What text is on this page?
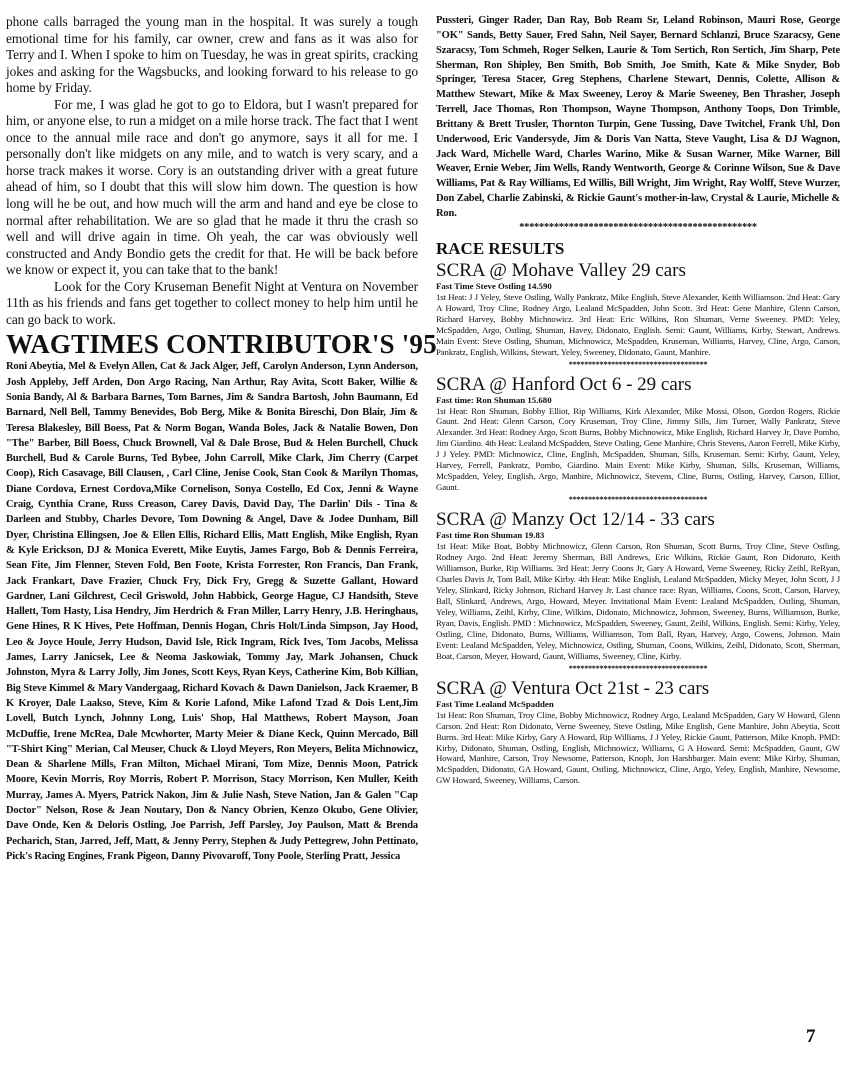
phone calls barraged the young man in the hospital. It was surely a tough emotional time for his family, car owner, crew and fans as it was also for Terry and I. When I spoke to him on Tuesday, he was in great spirits, cracking jokes and asking for the Wagsbucks, and looking forward to his release to go home by Friday.

For me, I was glad he got to go to Eldora, but I wasn't prepared for him, or anyone else, to run a midget on a mile horse track. The fact that I went once to the annual mile race and don't go anymore, says it all for me. I personally don't like midgets on any mile, and to watch is very scary, and a horse track makes it worse. Cory is an outstanding driver with a great future ahead of him, so I doubt that this will slow him down. The question is how long will he be out, and how much will the arm and hand and eye be close to normal after rehabilitation. We are so glad that he made it thru the crash so well and will drive again in time. Oh yeah, the car was obviously well constructed and Andy Bondio gets the credit for that. He will be back before we know or expect it, you can take that to the bank!

Look for the Cory Kruseman Benefit Night at Ventura on November 11th as his friends and fans get together to collect money to help him until he can go back to work.

WAGTIMES CONTRIBUTOR'S '95

Roni Abeytia, Mel & Evelyn Allen, Cat & Jack Alger, Jeff, Carolyn Anderson, Lynn Anderson, Josh Appleby, Jeff Arden, Don Argo Racing, Nan Arthur, Ray Avita, Scott Baker, Willie & Sonia Bandy, Al & Barbara Barnes, Tom Barnes, Jim & Sandra Bartosh, John Baumann, Ed Barnard, Nell Bell, Tammy Benevides, Bob Berg, Mike & Bonita Bireschi, Don Blair, Jim & Teresa Blakesley, Bill Boess, Pat & Norm Bogan, Wanda Boles, Jack & Natalie Bowen, Don "The" Barber, Bill Boess, Chuck Brownell, Val & Dale Brose, Bud & Helen Burchell, Chuck Burchell, Bud & Carole Burns, Ted Bybee, John Carroll, Mike Clark, Jim Cherry (Carpet Coop), Rich Casavage, Bill Clausen, , Carl Cline, Jenise Cook, Stan Cook & Marilyn Thomas, Diane Cordova, Ernest Cordova,Mike Cornelison, Sonya Costello, Ed Cox, Jenni & Wayne Craig, Cynthia Crane, Russ Creason, Carey Davis, David Day, The Darlin' Dils - Tina & Darleen and Stubby, Charles Devore, Tom Downing & Angel, Dave & Jodee Dunham, Bill Dyer, Christina Ellingsen, Joe & Ellen Ellis, Richard Ellis, Matt English, Mike English, Ryan & Kyle Erickson, DJ & Monica Everett, Mike Euytis, James Fargo, Bob & Dennis Ferreira, Sean Fite, Jim Flenner, Steven Fold, Ben Foote, Krista Forrester, Ron Francis, Dan Frank, Jack Frankart, Dave Frazier, Chuck Fry, Dick Fry, Gregg & Suzette Gallant, Howard Gardner, Lani Gilchrest, Cecil Griswold, John Habbick, George Hague, CJ Handsith, Steve Hallett, Tom Hasty, Lisa Hendry, Jim Herdrich & Fran Miller, Larry Henry, J.B. Heringhaus, Gene Hines, R K Hives, Pete Hoffman, Dennis Hogan, Chris Holt/Linda Simpson, Jay Hood, Leo & Joyce Houle, Jerry Hudson, David Isle, Rick Ingram, Rick Ives, Tom Jacobs, Melissa James, Larry Janicsek, Lee & Neoma Jaskowiak, Tommy Jay, Mark Johansen, Chuck Johnston, Myra & Larry Jolly, Jim Jones, Scott Keys, Ryan Keys, Catherine Kim, Bob Killian, Big Steve Kimmel & Mary Vandergaag, Richard Kovach & Dawn Danielson, Jack Kraemer, B K Kroyer, Dale Laakso, Steve, Kim & Korie Lafond, Mike Lafond Tzad & Dois Lent,Jim Lovell, Butch Lynch, Johnny Long, Luis' Shop, Hal Matthews, Robert Mayson, Joan McDuffie, Irene McRea, Dale Mcwhorter, Marty Meier & Diane Keck, Quinn Mercado, Bill "T-Shirt King" Merian, Cal Meuser, Chuck & Lloyd Meyers, Ron Meyers, Belita Michnowicz, Dean & Sharlene Mills, Fran Milton, Michael Mirani, Tom Mize, Dennis Moon, Patrick Moore, Kevin Morris, Roy Morris, Robert P. Morrison, Stacy Morrison, Ken Muller, Keith Murray, James A. Myers, Patrick Nakon, Jim & Julie Nash, Steve Nation, Jan & Galen "Cap Doctor" Nelson, Rose & Jean Noutary, Don & Nancy Obrien, Kenzo Okubo, Gene Olivier, Dave Onde, Ken & Deloris Ostling, Joe Parrish, Jeff Parsley, Joy Paulson, Matt & Brenda Pecharich, Stan, Jarred, Jeff, Matt, & Jenny Perry, Stephen & Judy Pettegrew, John Pettinato, Pick's Racing Engines, Frank Pigeon, Danny Pivovaroff, Tony Poole, Sterling Pratt, Jessica

Pussteri, Ginger Rader, Dan Ray, Bob Ream Sr, Leland Robinson, Mauri Rose, George "OK" Sands, Betty Sauer, Fred Sahn, Neil Sayer, Bernard Schlanzi, Bruce Szaracsy, Gene Szaracsy, Tom Schmeh, Roger Selken, Laurie & Tom Sertich, Ron Sertich, Jim Sharp, Pete Sherman, Ron Shipley, Ben Smith, Bob Smith, Joe Smith, Kate & Mike Snyder, Bob Springer, Teresa Stacer, Greg Stephens, Charlene Stewart, Dennis, Colette, Allison & Matthew Stewart, Mike & Max Sweeney, Leroy & Marie Sweeney, Ben Thrasher, Joseph Terrell, Jace Thomas, Ron Thompson, Wayne Thompson, Anthony Toops, Don Trimble, Brittany & Brett Trusler, Thornton Turpin, Gene Tussing, Dave Twitchel, Frank Uhl, Don Underwood, Eric Vandersyde, Jim & Doris Van Natta, Steve Vaught, Lisa & DJ Wagnon, Jack Ward, Michelle Ward, Charles Warino, Mike & Susan Warner, Mike Warner, Bill Weaver, Ernie Weber, Jim Wells, Randy Wentworth, George & Corinne Wilson, Sue & Dave Williams, Pat & Ray Williams, Ed Willis, Bill Wright, Jim Wright, Ray Wolff, Steve Wurzer, Don Zabel, Charlie Zabinski, & Rickie Gaunt's mother-in-law, Crystal & Laurie, Michelle & Ron.

************************************************
RACE RESULTS
SCRA @ Mohave Valley 29 cars
Fast Time Steve Ostling 14.590

1st Heat: J J Yeley, Steve Ostling, Wally Pankratz, Mike English, Steve Alexander, Keith Williamson. 2nd Heat: Gary A Howard, Troy Cline, Rodney Argo, Lealand McSpadden, John Scott. 3rd Heat: Gene Manhire, Glenn Carson, Richard Harvey, Bobby Michnowicz. 3rd Heat: Eric Wilkins, Ron Shuman, Verne Sweeney. PMD: Yeley, McSpadden, Argo, Ostling, Shuman, Havey, Didonato, English. Semi: Gaunt, Williams, Kirby, Stewart, Andrews. Main Event: Steve Ostling, Shuman, Michnowicz, McSpadden, Kruseman, Williams, Harvey, Cline, Argo, Carson, Pankratz, English, Wilkins, Stewart, Yeley, Sweeney, Didonato, Gaunt, Manhire.

************************************
SCRA @ Hanford Oct 6 - 29 cars
Fast time: Ron Shuman 15.680

1st Heat: Ron Shuman, Bobby Elliot, Rip Williams, Kirk Alexander, Mike Mossi, Olson, Gordon Rogers, Rickie Gaunt. 2nd Heat: Glenn Carson, Cory Kruseman, Troy Cline, Jimmy Sills, Jim Turner, Wally Pankratz, Steve Alexander. 3rd Heat: Rodney Argo, Scott Burns, Bobby Michnowicz, Mike English, Richard Harvey Jr, Dave Pombo, Jim Giardino. 4th Heat: Lealand McSpadden, Steve Ostling, Gene Manhire, Chris Stevens, Aaron Ferrell, Mike Kirby, J J Yeley. PMD: Michnowicz, Cline, English, McSpadden, Shuman, Sills, Kruseman. Semi: Kirby, Gaunt, Yeley, Harvey, Ferrell, Pankratz, Pombo, Giardino. Main Event: Mike Kirby, Shuman, Sills, Kruseman, Williams, McSpadden, Yeley, English, Argo, Manhire, Michnowicz, Stevens, Cline, Burns, Ostling, Harvey, Carson, Elliot, Gaunt.

************************************
SCRA @ Manzy Oct 12/14 - 33 cars
Fast time Ron Shuman 19.83

1st Heat: Mike Boat, Bobby Michnowicz, Glenn Carson, Ron Shuman, Scott Burns, Troy Cline, Steve Ostling, Rodney Argo. 2nd Heat: Jeremy Sherman, Bill Andrews, Eric Wilkins, Rickie Gaunt, Ron Didonato, Keith Williamson, Burke, Rip Williams. 3rd Heat: Jerry Coons Jr, Gary A Howard, Verne Sweeney, Ricky Zeihl, ReRyan, Charles Davis Jr, Tom Ball, Mike Kirby. 4th Heat: Mike English, Lealand McSpadden, Micky Meyer, John Scott, J J Yeley, Slinkard, Ricky Johnson, Richard Harvey Jr. Last chance race: Ryan, Williams, Coons, Scott, Carson, Harvey, Ball, Slinkard, Andrews, Argo, Howard, Meyer. Invitational Main Event: Lealand McSpadden, Ostling, Shuman, Yeley, Williams, Zeihl, Kirby, Cline, Wilkins, Didonato, Michnowicz, Johnson, Sweeney, Burns, Williamson, Burke, Ryan, Davis, English. PMD : Michnowicz, McSpadden, Sweeney, Gaunt, Zeihl, Wilkins, English. Semi: Kirby, Yeley, Ostling, Cline, Didonato, Burns, Williams, Williamson, Tom Ball, Ryan, Harvey, Argo, Cowens, Johnson. Main Event: Lealand McSpadden, Yeley, Michnowicz, Ostling, Shuman, Coons, Wilkins, Zeihl, Didonato, Scott, Sherman, Boat, Carson, Meyer, Howard, Gaunt, Williams, Sweeney, Cline, Kirby.

************************************
SCRA @ Ventura Oct 21st - 23 cars
Fast Time Lealand McSpadden

1st Heat: Ron Shuman, Troy Cline, Bobby Michnowicz, Rodney Argo, Lealand McSpadden, Gary W Howard, Glenn Carson. 2nd Heat: Ron Didonato, Verne Sweeney, Steve Ostling, Mike English, Gene Manhire, John Abeytia, Scott Burns. 3rd Heat: Mike Kirby, Gary A Howard, Rip Williams, J J Yeley, Rickie Gaunt, Patterson, Mike Knoph. PMD: Kirby, Didonato, Shuman, Ostling, English, Michnowicz, Williams, G A Howard. Semi: McSpadden, Gaunt, GW Howard, Manhire, Carson, Troy Newsome, Patterson, Knoph, Jon Harshbarger. Main event: Mike Kirby, Shuman, McSpadden, Didonato, GA Howard, Gaunt, Ostling, Michnowicz, Cline, Argo, Yeley, English, Manhire, Newsome, GW Howard, Sweeney, Williams, Carson.

7
